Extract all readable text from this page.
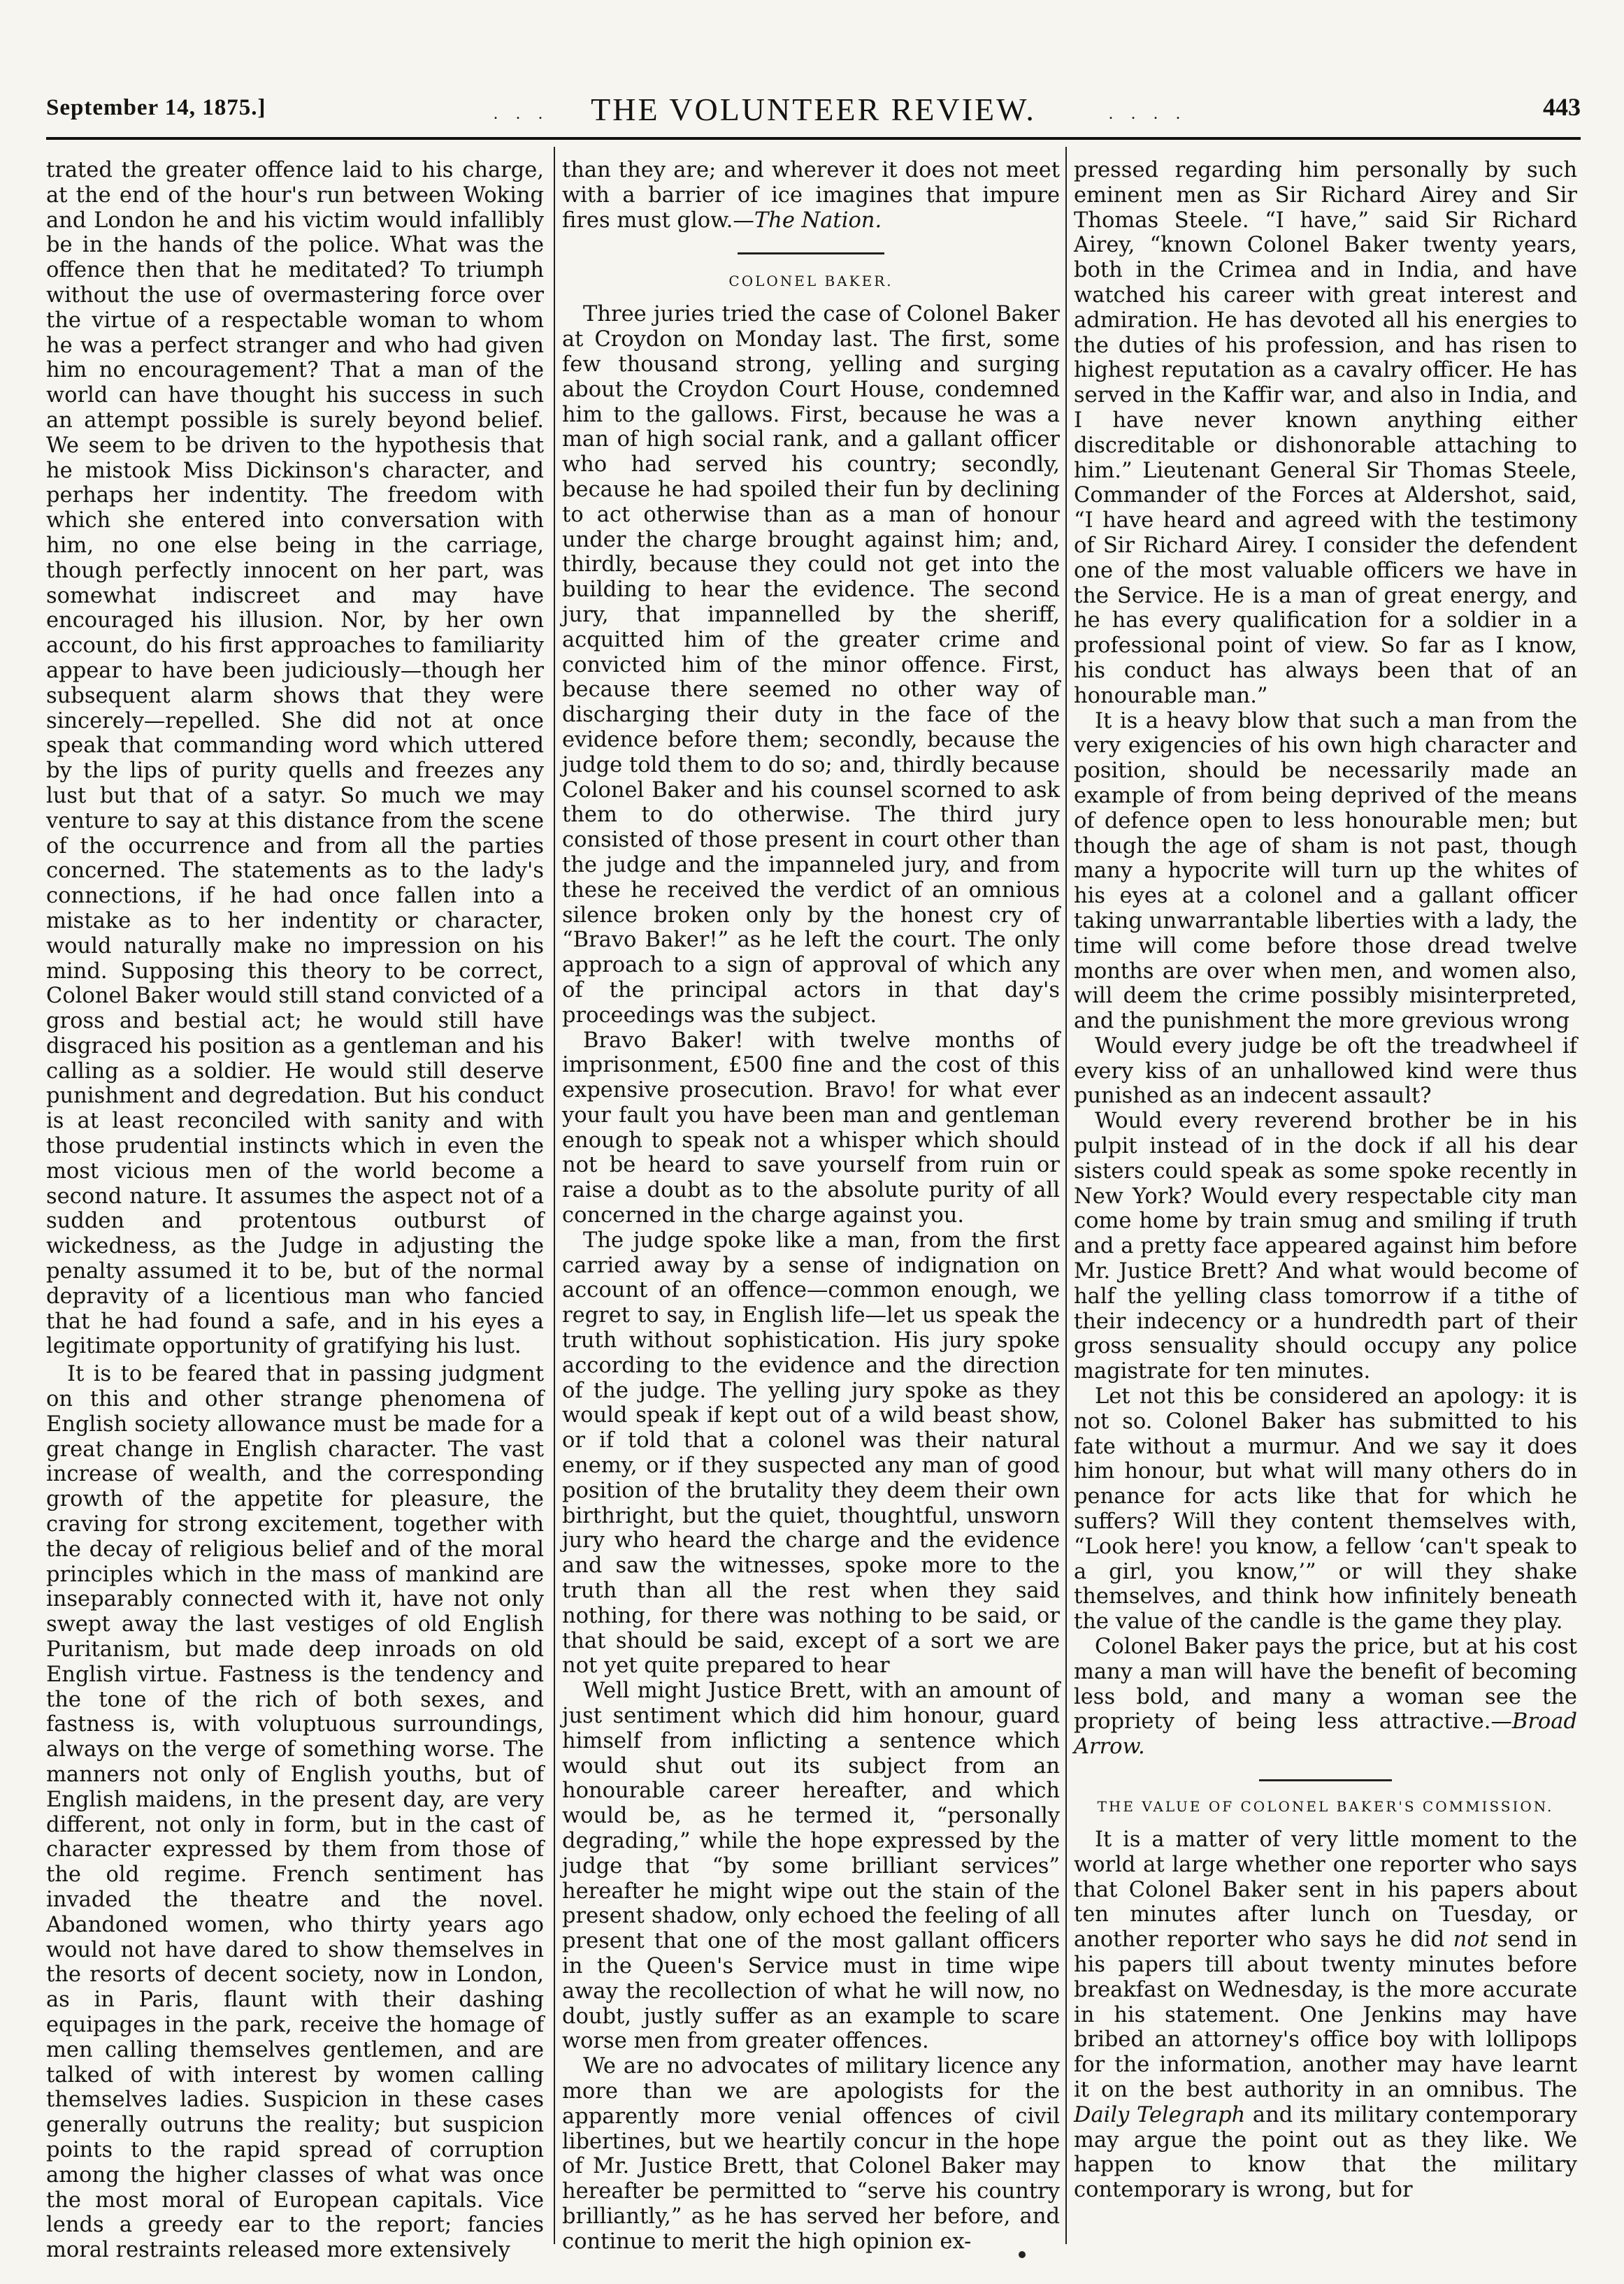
September 14, 1875.]	. . .	THE VOLUNTEER REVIEW.	. . . .	443

trated the greater offence laid to his charge, at the end of the hour's run between Woking and London he and his victim would infallibly be in the hands of the police. What was the offence then that he meditated? To triumph without the use of overmastering force over the virtue of a respectable woman to whom he was a perfect stranger and who had given him no encouragement? That a man of the world can have thought his success in such an attempt possible is surely beyond belief. We seem to be driven to the hypothesis that he mistook Miss Dickinson's character, and perhaps her indentity. The freedom with which she entered into conversation with him, no one else being in the carriage, though perfectly innocent on her part, was somewhat indiscreet and may have encouraged his illusion. Nor, by her own account, do his first approaches to familiarity appear to have been judiciously—though her subsequent alarm shows that they were sincerely—repelled. She did not at once speak that commanding word which uttered by the lips of purity quells and freezes any lust but that of a satyr. So much we may venture to say at this distance from the scene of the occurrence and from all the parties concerned. The statements as to the lady's connections, if he had once fallen into a mistake as to her indentity or character, would naturally make no impression on his mind. Supposing this theory to be correct, Colonel Baker would still stand convicted of a gross and bestial act; he would still have disgraced his position as a gentleman and his calling as a soldier. He would still deserve punishment and degredation. But his conduct is at least reconciled with sanity and with those prudential instincts which in even the most vicious men of the world become a second nature. It assumes the aspect not of a sudden and protentous outburst of wickedness, as the Judge in adjusting the penalty assumed it to be, but of the normal depravity of a licentious man who fancied that he had found a safe, and in his eyes a legitimate opportunity of gratifying his lust.

It is to be feared that in passing judgment on this and other strange phenomena of English society allowance must be made for a great change in English character. The vast increase of wealth, and the corresponding growth of the appetite for pleasure, the craving for strong excitement, together with the decay of religious belief and of the moral principles which in the mass of mankind are inseparably connected with it, have not only swept away the last vestiges of old English Puritanism, but made deep inroads on old English virtue. Fastness is the tendency and the tone of the rich of both sexes, and fastness is, with voluptuous surroundings, always on the verge of something worse. The manners not only of English youths, but of English maidens, in the present day, are very different, not only in form, but in the cast of character expressed by them from those of the old regime. French sentiment has invaded the theatre and the novel. Abandoned women, who thirty years ago would not have dared to show themselves in the resorts of decent society, now in London, as in Paris, flaunt with their dashing equipages in the park, receive the homage of men calling themselves gentlemen, and are talked of with interest by women calling themselves ladies. Suspicion in these cases generally outruns the reality; but suspicion points to the rapid spread of corruption among the higher classes of what was once the most moral of European capitals. Vice lends a greedy ear to the report; fancies moral restraints released more extensively

than they are; and wherever it does not meet with a barrier of ice imagines that impure fires must glow.—The Nation.

COLONEL BAKER.

Three juries tried the case of Colonel Baker at Croydon on Monday last. The first, some few thousand strong, yelling and surging about the Croydon Court House, condemned him to the gallows. First, because he was a man of high social rank, and a gallant officer who had served his country; secondly, because he had spoiled their fun by declining to act otherwise than as a man of honour under the charge brought against him; and, thirdly, because they could not get into the building to hear the evidence. The second jury, that impannelled by the sheriff, acquitted him of the greater crime and convicted him of the minor offence. First, because there seemed no other way of discharging their duty in the face of the evidence before them; secondly, because the judge told them to do so; and, thirdly because Colonel Baker and his counsel scorned to ask them to do otherwise. The third jury consisted of those present in court other than the judge and the impanneled jury, and from these he received the verdict of an omnious silence broken only by the honest cry of “Bravo Baker!” as he left the court. The only approach to a sign of approval of which any of the principal actors in that day's proceedings was the subject.

Bravo Baker! with twelve months of imprisonment, £500 fine and the cost of this expensive prosecution. Bravo! for what ever your fault you have been man and gentleman enough to speak not a whisper which should not be heard to save yourself from ruin or raise a doubt as to the absolute purity of all concerned in the charge against you.

The judge spoke like a man, from the first carried away by a sense of indignation on account of an offence—common enough, we regret to say, in English life—let us speak the truth without sophistication. His jury spoke according to the evidence and the direction of the judge. The yelling jury spoke as they would speak if kept out of a wild beast show, or if told that a colonel was their natural enemy, or if they suspected any man of good position of the brutality they deem their own birthright, but the quiet, thoughtful, unsworn jury who heard the charge and the evidence and saw the witnesses, spoke more to the truth than all the rest when they said nothing, for there was nothing to be said, or that should be said, except of a sort we are not yet quite prepared to hear

Well might Justice Brett, with an amount of just sentiment which did him honour, guard himself from inflicting a sentence which would shut out its subject from an honourable career hereafter, and which would be, as he termed it, “personally degrading,” while the hope expressed by the judge that “by some brilliant services” hereafter he might wipe out the stain of the present shadow, only echoed the feeling of all present that one of the most gallant officers in the Queen's Service must in time wipe away the recollection of what he will now, no doubt, justly suffer as an example to scare worse men from greater offences.

We are no advocates of military licence any more than we are apologists for the apparently more venial offences of civil libertines, but we heartily concur in the hope of Mr. Justice Brett, that Colonel Baker may hereafter be permitted to “serve his country brilliantly,” as he has served her before, and continue to merit the high opinion ex-

pressed regarding him personally by such eminent men as Sir Richard Airey and Sir Thomas Steele. “I have,” said Sir Richard Airey, “known Colonel Baker twenty years, both in the Crimea and in India, and have watched his career with great interest and admiration. He has devoted all his energies to the duties of his profession, and has risen to highest reputation as a cavalry officer. He has served in the Kaffir war, and also in India, and I have never known anything either discreditable or dishonorable attaching to him.” Lieutenant General Sir Thomas Steele, Commander of the Forces at Aldershot, said, “I have heard and agreed with the testimony of Sir Richard Airey. I consider the defendent one of the most valuable officers we have in the Service. He is a man of great energy, and he has every qualification for a soldier in a professional point of view. So far as I know, his conduct has always been that of an honourable man.”

It is a heavy blow that such a man from the very exigencies of his own high character and position, should be necessarily made an example of from being deprived of the means of defence open to less honourable men; but though the age of sham is not past, though many a hypocrite will turn up the whites of his eyes at a colonel and a gallant officer taking unwarrantable liberties with a lady, the time will come before those dread twelve months are over when men, and women also, will deem the crime possibly misinterpreted, and the punishment the more grevious wrong

Would every judge be oft the treadwheel if every kiss of an unhallowed kind were thus punished as an indecent assault?

Would every reverend brother be in his pulpit instead of in the dock if all his dear sisters could speak as some spoke recently in New York? Would every respectable city man come home by train smug and smiling if truth and a pretty face appeared against him before Mr. Justice Brett? And what would become of half the yelling class tomorrow if a tithe of their indecency or a hundredth part of their gross sensuality should occupy any police magistrate for ten minutes.

Let not this be considered an apology: it is not so. Colonel Baker has submitted to his fate without a murmur. And we say it does him honour, but what will many others do in penance for acts like that for which he suffers? Will they content themselves with, “Look here! you know, a fellow ‘can't speak to a girl, you know,’” or will they shake themselves, and think how infinitely beneath the value of the candle is the game they play.

Colonel Baker pays the price, but at his cost many a man will have the benefit of becoming less bold, and many a woman see the propriety of being less attractive.—Broad Arrow.

THE VALUE OF COLONEL BAKER'S COMMISSION.

It is a matter of very little moment to the world at large whether one reporter who says that Colonel Baker sent in his papers about ten minutes after lunch on Tuesday, or another reporter who says he did not send in his papers till about twenty minutes before breakfast on Wednesday, is the more accurate in his statement. One Jenkins may have bribed an attorney's office boy with lollipops for the information, another may have learnt it on the best authority in an omnibus. The Daily Telegraph and its military contemporary may argue the point out as they like. We happen to know that the military contemporary is wrong, but for
